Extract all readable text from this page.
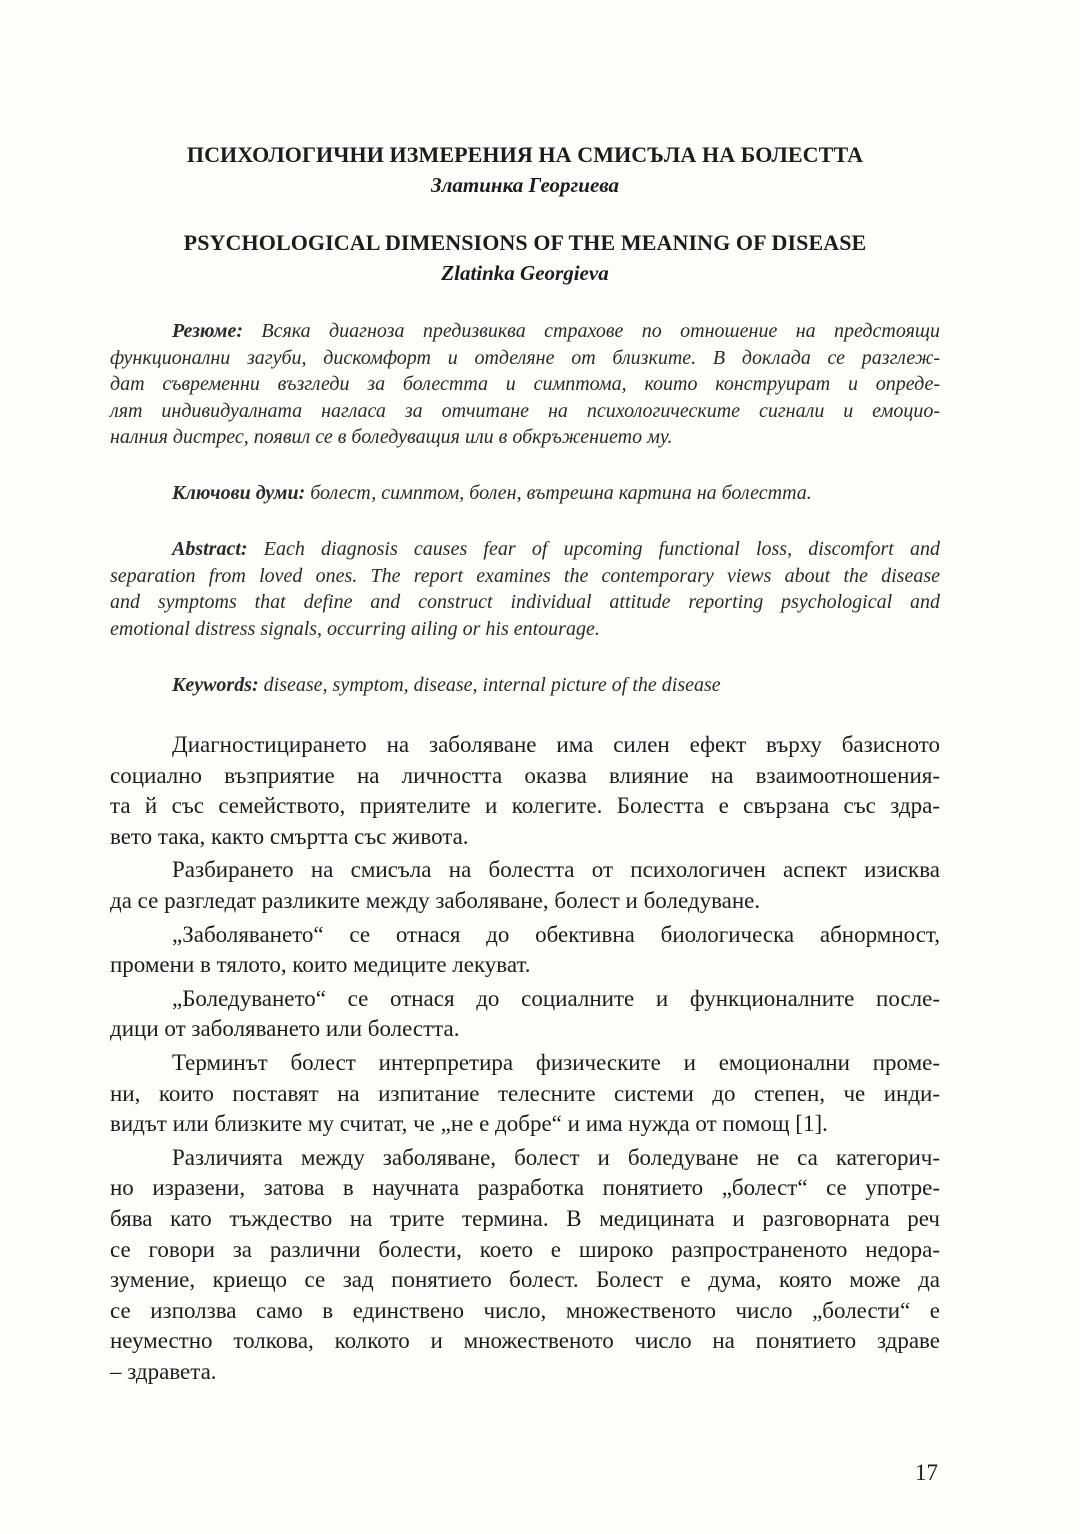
ПСИХОЛОГИЧНИ ИЗМЕРЕНИЯ НА СМИСЪЛА НА БОЛЕСТТА
Златинка Георгиева
PSYCHOLOGICAL DIMENSIONS OF THE MEANING OF DISEASE
Zlatinka Georgieva
Резюме: Всяка диагноза предизвиква страхове по отношение на предстоящи
функционални загуби, дискомфорт и отделяне от близките. В доклада се разглеж-
дат съвременни възгледи за болестта и симптома, които конструират и опреде-
лят индивидуалната нагласа за отчитане на психологическите сигнали и емоцио-
налния дистрес, появил се в боледуващия или в обкръжението му.
Ключови думи: болест, симптом, болен, вътрешна картина на болестта.
Abstract: Each diagnosis causes fear of upcoming functional loss, discomfort and
separation from loved ones. The report examines the contemporary views about the disease
and symptoms that define and construct individual attitude reporting psychological and
emotional distress signals, occurring ailing or his entourage.
Keywords: disease, symptom, disease, internal picture of the disease
Диагностицирането на заболяване има силен ефект върху базисното
социално възприятие на личността оказва влияние на взаимоотношения-
та й със семейството, приятелите и колегите. Болестта е свързана със здра-
вето така, както смъртта със живота.
Разбирането на смисъла на болестта от психологичен аспект изисква
да се разгледат разликите между заболяване, болест и боледуване.
„Заболяването“ се отнася до обективна биологическа абнормност,
промени в тялото, които медиците лекуват.
„Боледуването“ се отнася до социалните и функционалните после-
дици от заболяването или болестта.
Терминът болест интерпретира физическите и емоционални проме-
ни, които поставят на изпитание телесните системи до степен, че инди-
видът или близките му считат, че „не е добре“ и има нужда от помощ [1].
Различията между заболяване, болест и боледуване не са категорич-
но изразени, затова в научната разработка понятието „болест“ се употре-
бява като тъждество на трите термина. В медицината и разговорната реч
се говори за различни болести, което е широко разпространеното недора-
зумение, криещо се зад понятието болест. Болест е дума, която може да
се използва само в единствено число, множественото число „болести“ е
неуместно толкова, колкото и множественото число на понятието здраве
– здравета.
17
